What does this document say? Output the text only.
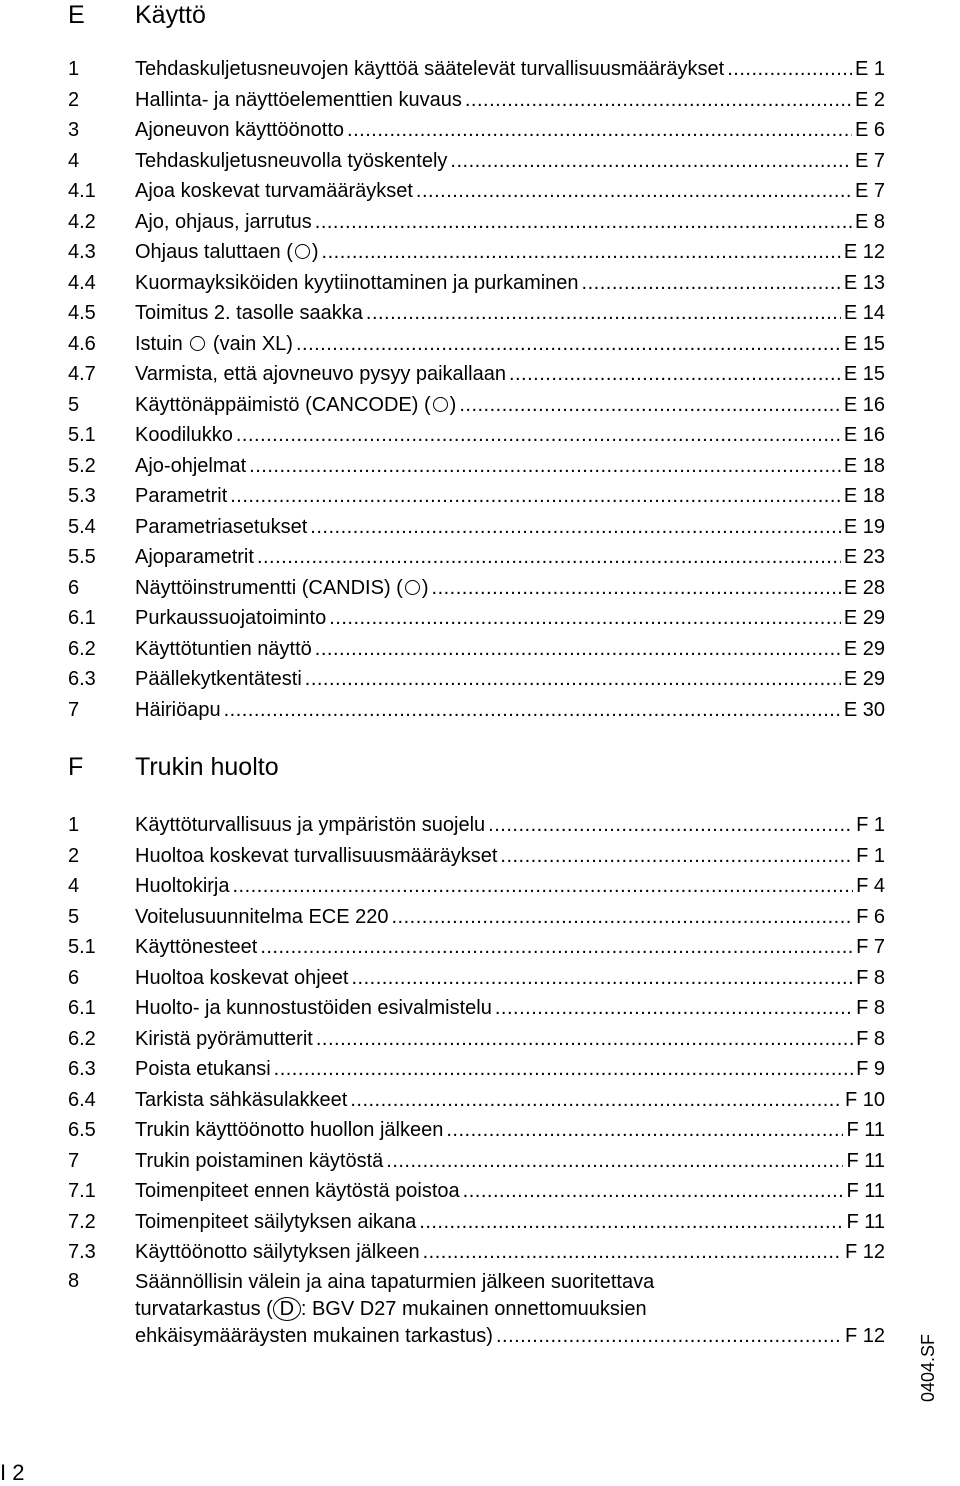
E Käyttö
1	Tehdaskuljetusneuvojen käyttöä säätelevät turvallisuusmääräykset .....	E 1
2	Hallinta- ja näyttöelementtien kuvaus .....	E 2
3	Ajoneuvon käyttöönotto .....	E 6
4	Tehdaskuljetusneuvolla työskentely .....	E 7
4.1 Ajoa koskevat turvamääräykset .....	E 7
4.2 Ajo, ohjaus, jarrutus .....	E 8
4.3 Ohjaus taluttaen ( ) .....	E 12
4.4 Kuormayksiköiden kyytiinottaminen ja purkaminen .....	E 13
4.5 Toimitus 2. tasolle saakka .....	E 14
4.6 Istuin  (vain XL) .....	E 15
4.7 Varmista, että ajovneuvo pysyy paikallaan .....	E 15
5	Käyttönäppäimistö (CANCODE) ( ) .....	E 16
5.1 Koodilukko .....	E 16
5.2 Ajo-ohjelmat .....	E 18
5.3 Parametrit .....	E 18
5.4 Parametriasetukset .....	E 19
5.5 Ajoparametrit .....	E 23
6	Näyttöinstrumentti (CANDIS) ( ) .....	E 28
6.1 Purkaussuojatoiminto .....	E 29
6.2 Käyttötuntien näyttö .....	E 29
6.3 Päällekytkentätesti .....	E 29
7	Häiriöapu .....	E 30
F Trukin huolto
1	Käyttöturvallisuus ja ympäristön suojelu .....	F 1
2	Huoltoa koskevat turvallisuusmääräykset .....	F 1
4	Huoltokirja .....	F 4
5	Voitelusuunnitelma ECE 220 .....	F 6
5.1 Käyttönesteet .....	F 7
6	Huoltoa koskevat ohjeet .....	F 8
6.1 Huolto- ja kunnostustöiden esivalmistelu .....	F 8
6.2 Kiristä pyörämutterit .....	F 8
6.3 Poista etukansi .....	F 9
6.4 Tarkista sähkäsulakkeet .....	F 10
6.5 Trukin käyttöönotto huollon jälkeen .....	F 11
7	Trukin poistaminen käytöstä .....	F 11
7.1 Toimenpiteet ennen käytöstä poistoa .....	F 11
7.2 Toimenpiteet säilytyksen aikana .....	F 11
7.3 Käyttöönotto säilytyksen jälkeen .....	F 12
8	Säännöllisin välein ja aina tapaturmien jälkeen suoritettava
turvatarkastus ( D : BGV D27 mukainen onnettomuuksien
ehkäisymääräysten mukainen tarkastus) .....	F 12 0404.SF
I 2
